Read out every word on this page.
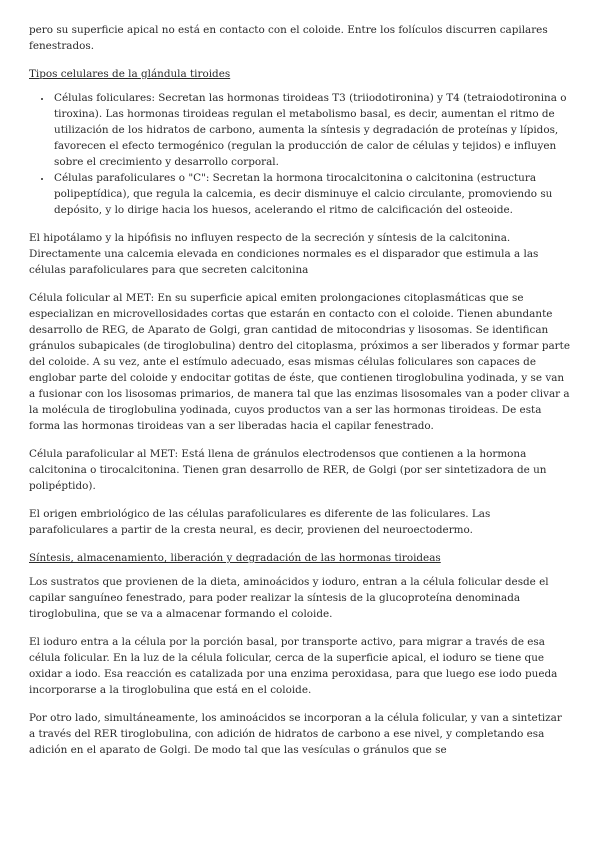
pero su superficie apical no está en contacto con el coloide. Entre los folículos discurren capilares fenestrados.

Tipos celulares de la glándula tiroides

• Células foliculares: Secretan las hormonas tiroideas T3 (triiodotironina) y T4 (tetraiodotironina o tiroxina). Las hormonas tiroideas regulan el metabolismo basal, es decir, aumentan el ritmo de utilización de los hidratos de carbono, aumenta la síntesis y degradación de proteínas y lípidos, favorecen el efecto termogénico (regulan la producción de calor de células y tejidos) e influyen sobre el crecimiento y desarrollo corporal.
• Células parafoliculares o "C": Secretan la hormona tirocalcitonina o calcitonina (estructura polipeptídica), que regula la calcemia, es decir disminuye el calcio circulante, promoviendo su depósito, y lo dirige hacia los huesos, acelerando el ritmo de calcificación del osteoide.

El hipotálamo y la hipófisis no influyen respecto de la secreción y síntesis de la calcitonina. Directamente una calcemia elevada en condiciones normales es el disparador que estimula a las células parafoliculares para que secreten calcitonina

Célula folicular al MET: En su superficie apical emiten prolongaciones citoplasmáticas que se especializan en microvellosidades cortas que estarán en contacto con el coloide. Tienen abundante desarrollo de REG, de Aparato de Golgi, gran cantidad de mitocondrias y lisosomas. Se identifican gránulos subapicales (de tiroglobulina) dentro del citoplasma, próximos a ser liberados y formar parte del coloide. A su vez, ante el estímulo adecuado, esas mismas células foliculares son capaces de englobar parte del coloide y endocitar gotitas de éste, que contienen tiroglobulina yodinada, y se van a fusionar con los lisosomas primarios, de manera tal que las enzimas lisosomales van a poder clivar a la molécula de tiroglobulina yodinada, cuyos productos van a ser las hormonas tiroideas. De esta forma las hormonas tiroideas van a ser liberadas hacia el capilar fenestrado.

Célula parafolicular al MET: Está llena de gránulos electrodensos que contienen a la hormona calcitonina o tirocalcitonina. Tienen gran desarrollo de RER, de Golgi (por ser sintetizadora de un polipéptido).

El origen embriológico de las células parafoliculares es diferente de las foliculares. Las parafoliculares a partir de la cresta neural, es decir, provienen del neuroectodermo.

Síntesis, almacenamiento, liberación y degradación de las hormonas tiroideas

Los sustratos que provienen de la dieta, aminoácidos y ioduro, entran a la célula folicular desde el capilar sanguíneo fenestrado, para poder realizar la síntesis de la glucoproteína denominada tiroglobulina, que se va a almacenar formando el coloide.

El ioduro entra a la célula por la porción basal, por transporte activo, para migrar a través de esa célula folicular. En la luz de la célula folicular, cerca de la superficie apical, el ioduro se tiene que oxidar a iodo. Esa reacción es catalizada por una enzima peroxidasa, para que luego ese iodo pueda incorporarse a la tiroglobulina que está en el coloide.

Por otro lado, simultáneamente, los aminoácidos se incorporan a la célula folicular, y van a sintetizar a través del RER tiroglobulina, con adición de hidratos de carbono a ese nivel, y completando esa adición en el aparato de Golgi. De modo tal que las vesículas o gránulos que se
